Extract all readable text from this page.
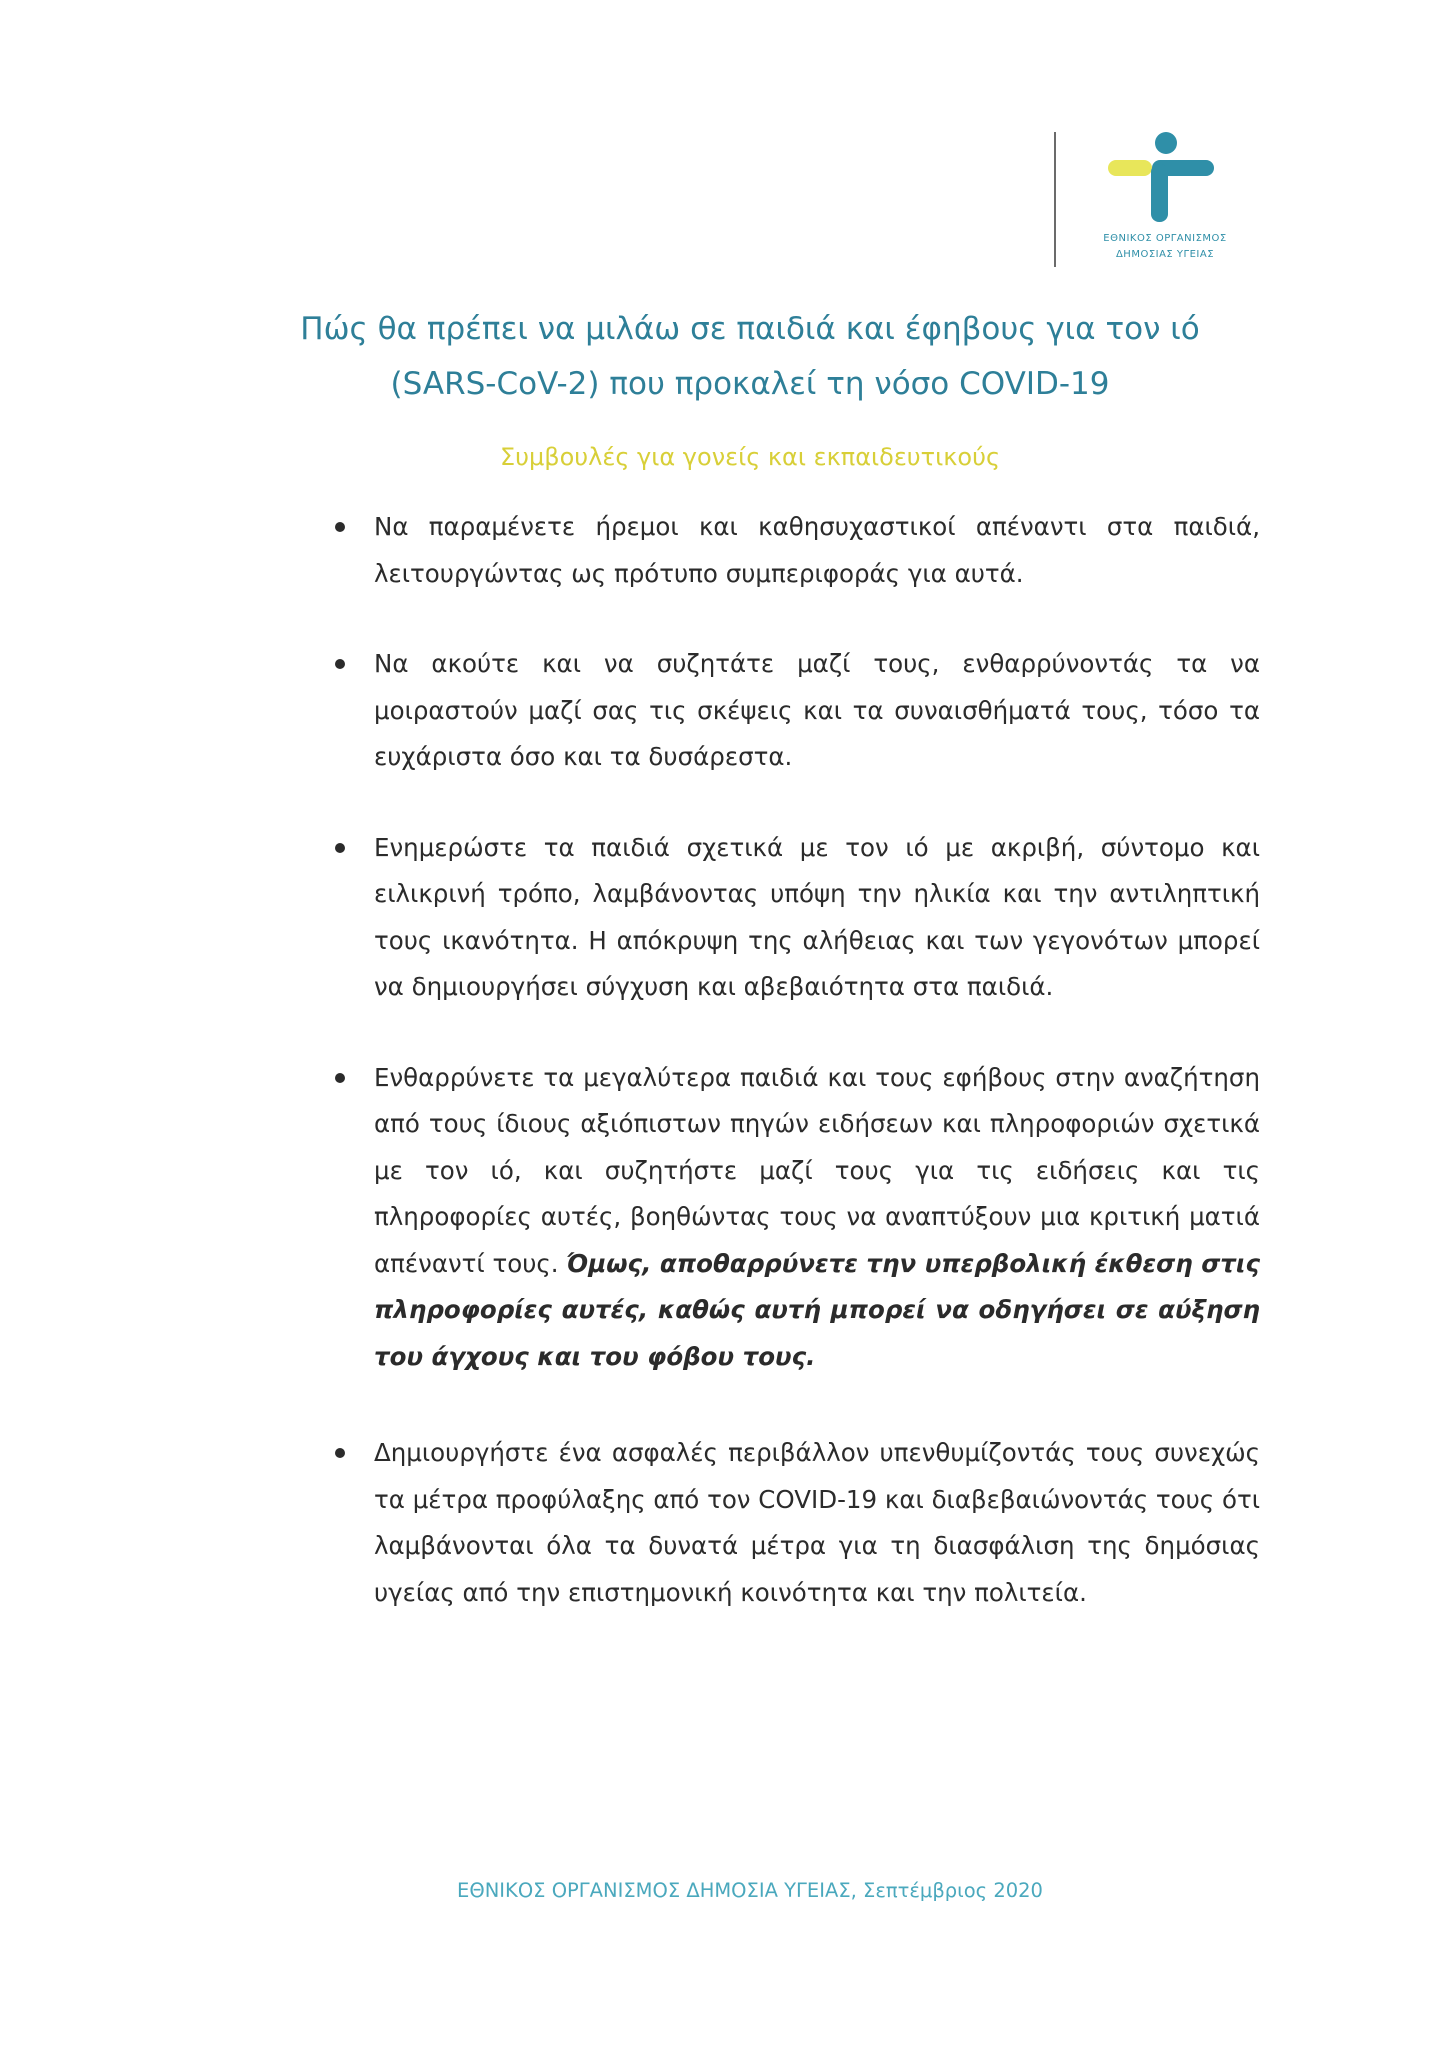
ΕΘΝΙΚΟΣ ΟΡΓΑΝΙΣΜΟΣ
ΔΗΜΟΣΙΑΣ ΥΓΕΙΑΣ
Πώς θα πρέπει να μιλάω σε παιδιά και έφηβους για τον ιό
(SARS-CoV-2) που προκαλεί τη νόσο COVID-19
Συμβουλές για γονείς και εκπαιδευτικούς
Να παραμένετε ήρεμοι και καθησυχαστικοί απέναντι στα παιδιά, λειτουργώντας ως πρότυπο συμπεριφοράς για αυτά.
Να ακούτε και να συζητάτε μαζί τους, ενθαρρύνοντάς τα να μοιραστούν μαζί σας τις σκέψεις και τα συναισθήματά τους, τόσο τα ευχάριστα όσο και τα δυσάρεστα.
Ενημερώστε τα παιδιά σχετικά με τον ιό με ακριβή, σύντομο και ειλικρινή τρόπο, λαμβάνοντας υπόψη την ηλικία και την αντιληπτική τους ικανότητα. Η απόκρυψη της αλήθειας και των γεγονότων μπορεί να δημιουργήσει σύγχυση και αβεβαιότητα στα παιδιά.
Ενθαρρύνετε τα μεγαλύτερα παιδιά και τους εφήβους στην αναζήτηση από τους ίδιους αξιόπιστων πηγών ειδήσεων και πληροφοριών σχετικά με τον ιό, και συζητήστε μαζί τους για τις ειδήσεις και τις πληροφορίες αυτές, βοηθώντας τους να αναπτύξουν μια κριτική ματιά απέναντί τους. Όμως, αποθαρρύνετε την υπερβολική έκθεση στις πληροφορίες αυτές, καθώς αυτή μπορεί να οδηγήσει σε αύξηση του άγχους και του φόβου τους.
Δημιουργήστε ένα ασφαλές περιβάλλον υπενθυμίζοντάς τους συνεχώς τα μέτρα προφύλαξης από τον COVID-19 και διαβεβαιώνοντάς τους ότι λαμβάνονται όλα τα δυνατά μέτρα για τη διασφάλιση της δημόσιας υγείας από την επιστημονική κοινότητα και την πολιτεία.
ΕΘΝΙΚΟΣ ΟΡΓΑΝΙΣΜΟΣ ΔΗΜΟΣΙΑ ΥΓΕΙΑΣ, Σεπτέμβριος 2020
